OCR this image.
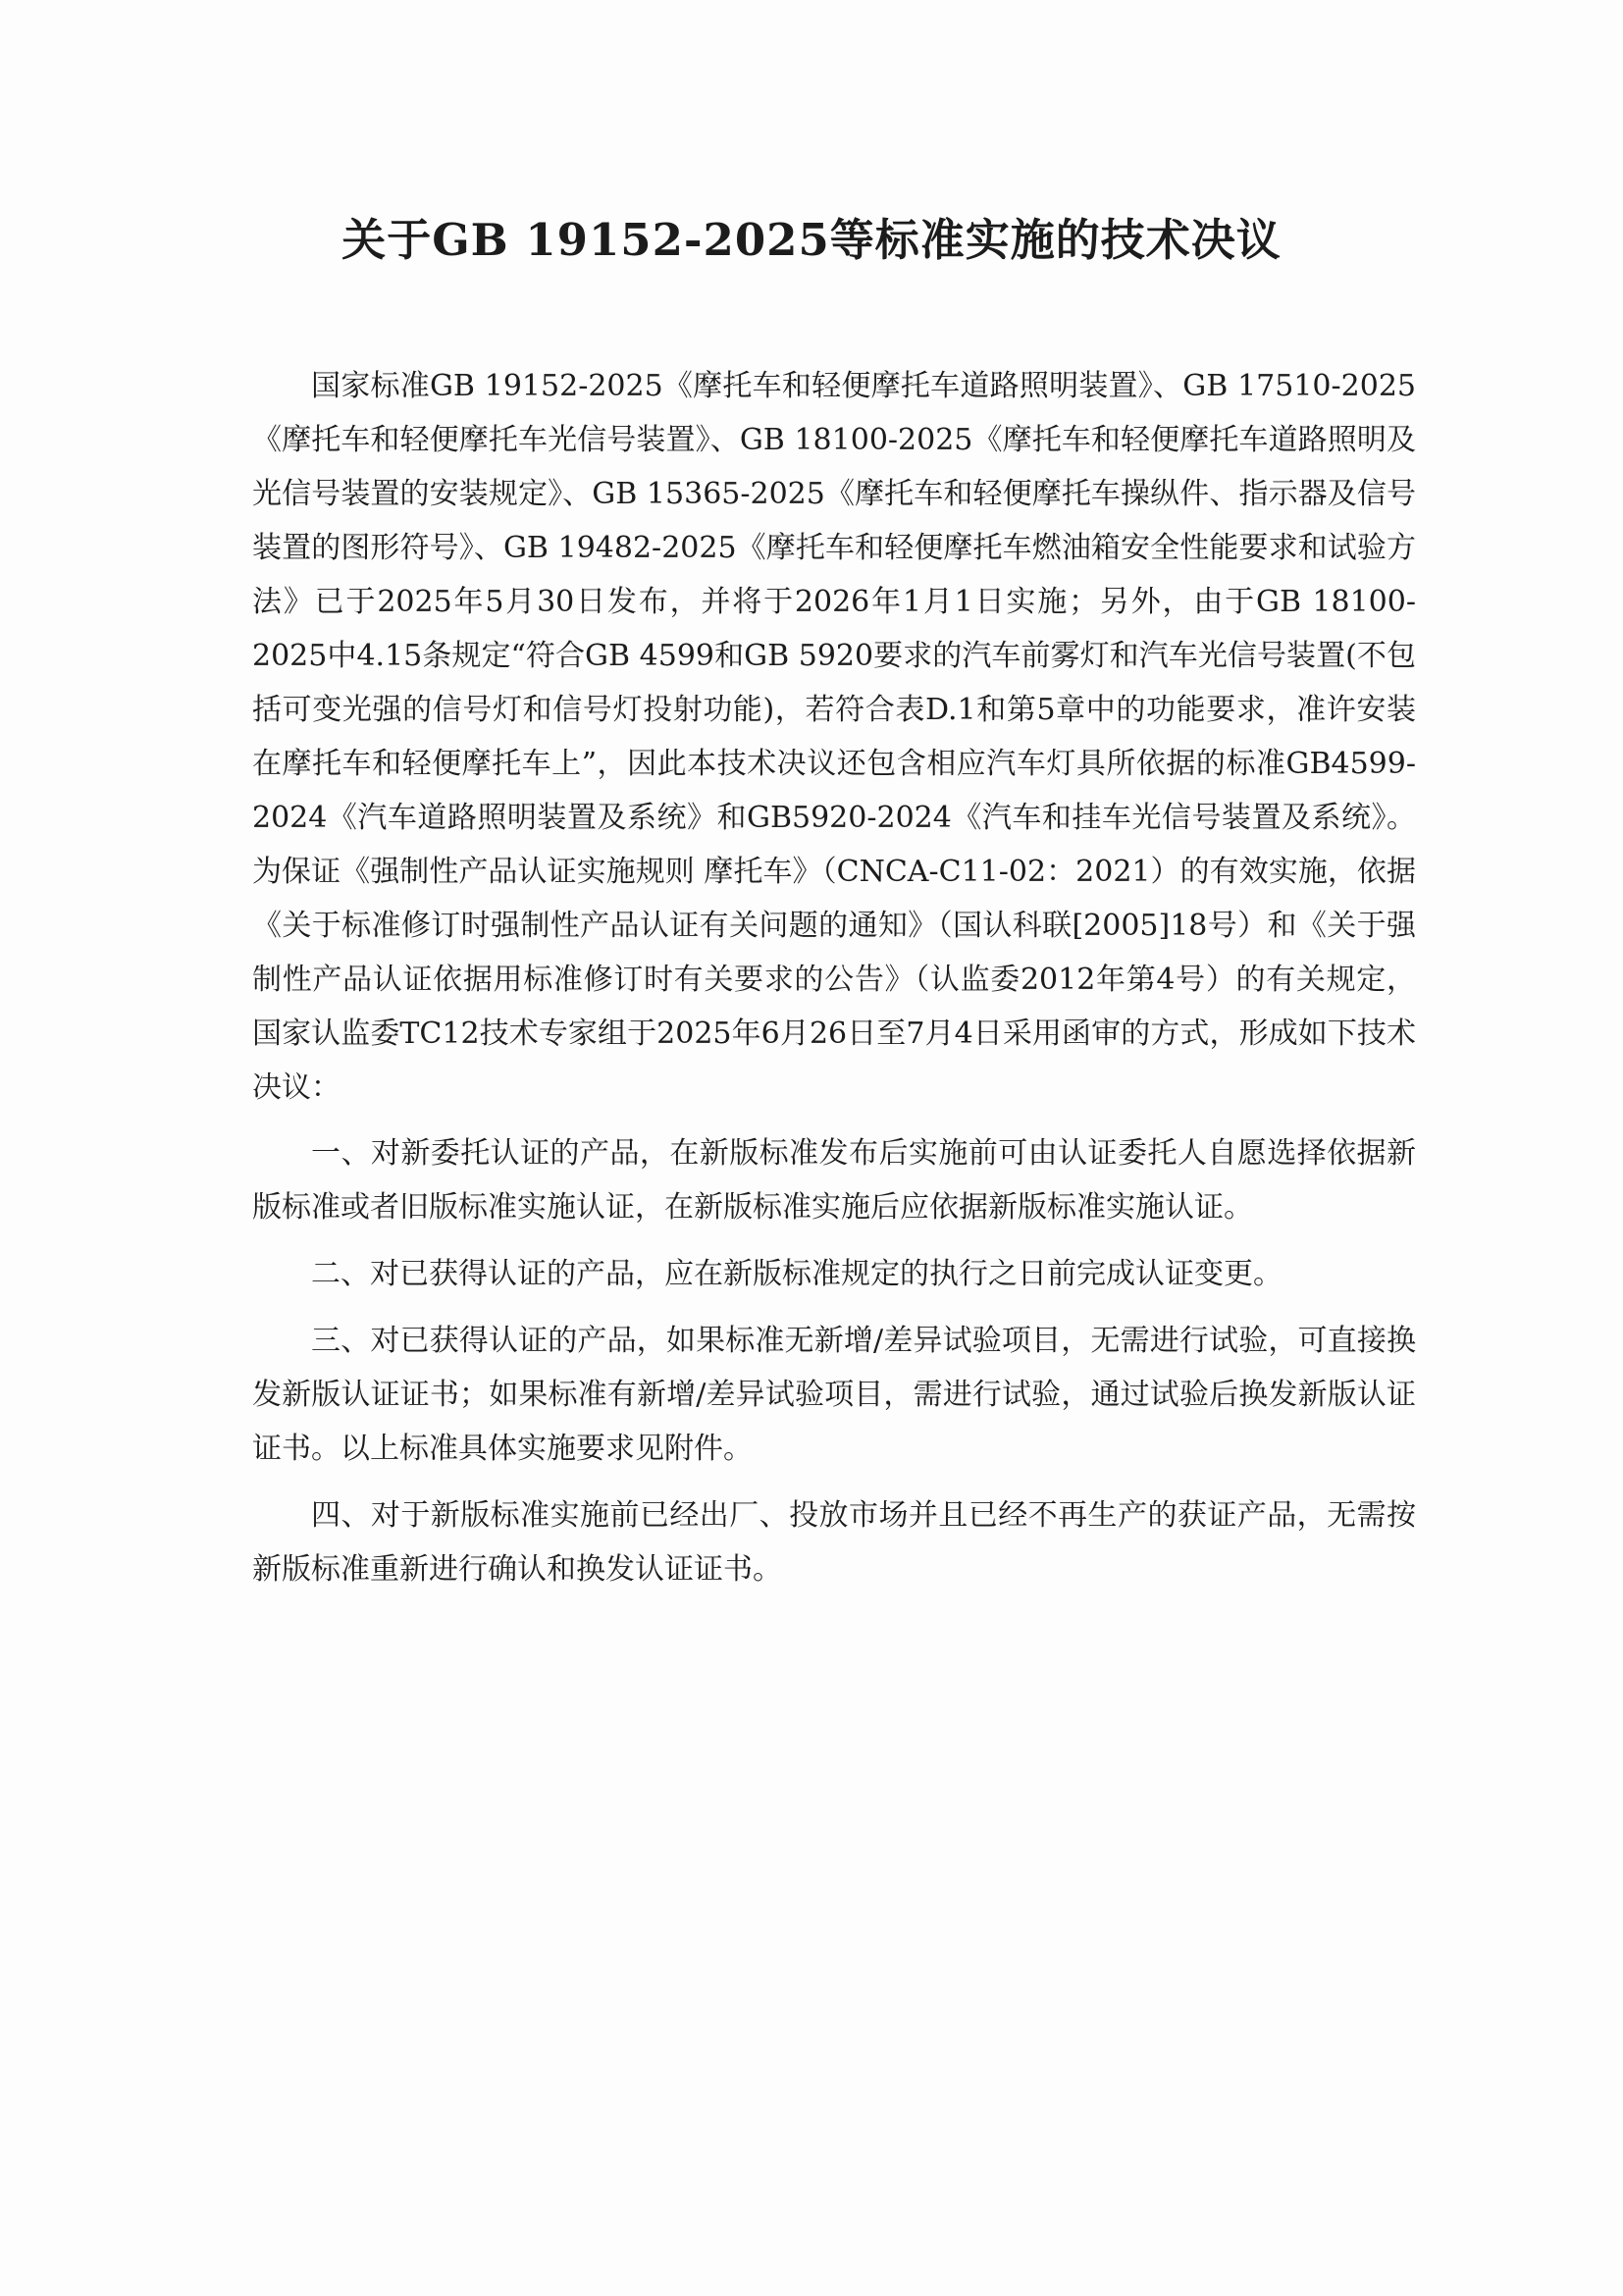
关于GB 19152-2025等标准实施的技术决议

国家标准GB 19152-2025《摩托车和轻便摩托车道路照明装置》、GB 17510-2025《摩托车和轻便摩托车光信号装置》、GB 18100-2025《摩托车和轻便摩托车道路照明及光信号装置的安装规定》、GB 15365-2025《摩托车和轻便摩托车操纵件、指示器及信号装置的图形符号》、GB 19482-2025《摩托车和轻便摩托车燃油箱安全性能要求和试验方法》已于2025年5月30日发布，并将于2026年1月1日实施；另外，由于GB 18100-2025中4.15条规定“符合GB 4599和GB 5920要求的汽车前雾灯和汽车光信号装置(不包括可变光强的信号灯和信号灯投射功能)，若符合表D.1和第5章中的功能要求，准许安装在摩托车和轻便摩托车上”，因此本技术决议还包含相应汽车灯具所依据的标准GB4599-2024《汽车道路照明装置及系统》和GB5920-2024《汽车和挂车光信号装置及系统》。为保证《强制性产品认证实施规则 摩托车》（CNCA-C11-02：2021）的有效实施，依据《关于标准修订时强制性产品认证有关问题的通知》（国认科联[2005]18号）和《关于强制性产品认证依据用标准修订时有关要求的公告》（认监委2012年第4号）的有关规定，国家认监委TC12技术专家组于2025年6月26日至7月4日采用函审的方式，形成如下技术决议：

一、对新委托认证的产品，在新版标准发布后实施前可由认证委托人自愿选择依据新版标准或者旧版标准实施认证，在新版标准实施后应依据新版标准实施认证。

二、对已获得认证的产品，应在新版标准规定的执行之日前完成认证变更。

三、对已获得认证的产品，如果标准无新增/差异试验项目，无需进行试验，可直接换发新版认证证书；如果标准有新增/差异试验项目，需进行试验，通过试验后换发新版认证证书。以上标准具体实施要求见附件。

四、对于新版标准实施前已经出厂、投放市场并且已经不再生产的获证产品，无需按新版标准重新进行确认和换发认证证书。
